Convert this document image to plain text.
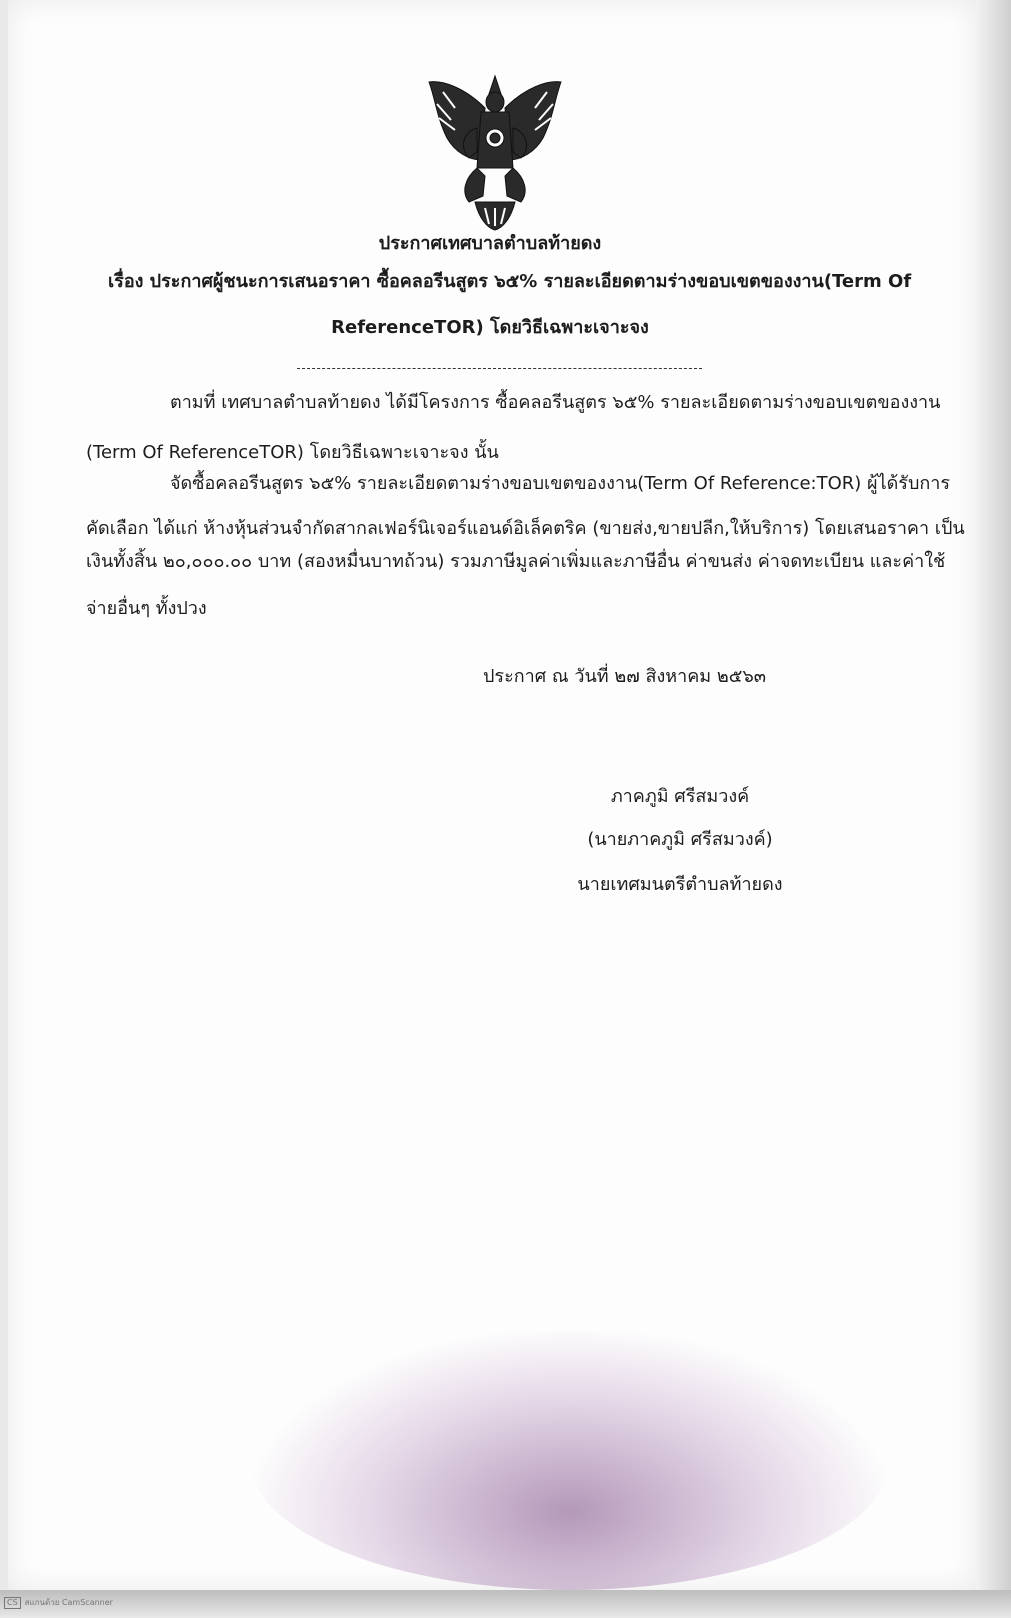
ประกาศเทศบาลตำบลท้ายดง
เรื่อง ประกาศผู้ชนะการเสนอราคา ซื้อคลอรีนสูตร ๖๕% รายละเอียดตามร่างขอบเขตของงาน(Term Of
ReferenceTOR) โดยวิธีเฉพาะเจาะจง
ตามที่ เทศบาลตำบลท้ายดง ได้มีโครงการ ซื้อคลอรีนสูตร ๖๕% รายละเอียดตามร่างขอบเขตของงาน
(Term Of ReferenceTOR) โดยวิธีเฉพาะเจาะจง นั้น
จัดซื้อคลอรีนสูตร ๖๕% รายละเอียดตามร่างขอบเขตของงาน(Term Of Reference:TOR) ผู้ได้รับการ
คัดเลือก ได้แก่ ห้างหุ้นส่วนจำกัดสากลเฟอร์นิเจอร์แอนด์อิเล็คตริค (ขายส่ง,ขายปลีก,ให้บริการ) โดยเสนอราคา เป็น
เงินทั้งสิ้น ๒๐,๐๐๐.๐๐ บาท (สองหมื่นบาทถ้วน) รวมภาษีมูลค่าเพิ่มและภาษีอื่น ค่าขนส่ง ค่าจดทะเบียน และค่าใช้
จ่ายอื่นๆ ทั้งปวง
ประกาศ ณ วันที่ ๒๗ สิงหาคม ๒๕๖๓
ภาคภูมิ ศรีสมวงค์
(นายภาคภูมิ ศรีสมวงค์)
นายเทศมนตรีตำบลท้ายดง
CS สแกนด้วย CamScanner
